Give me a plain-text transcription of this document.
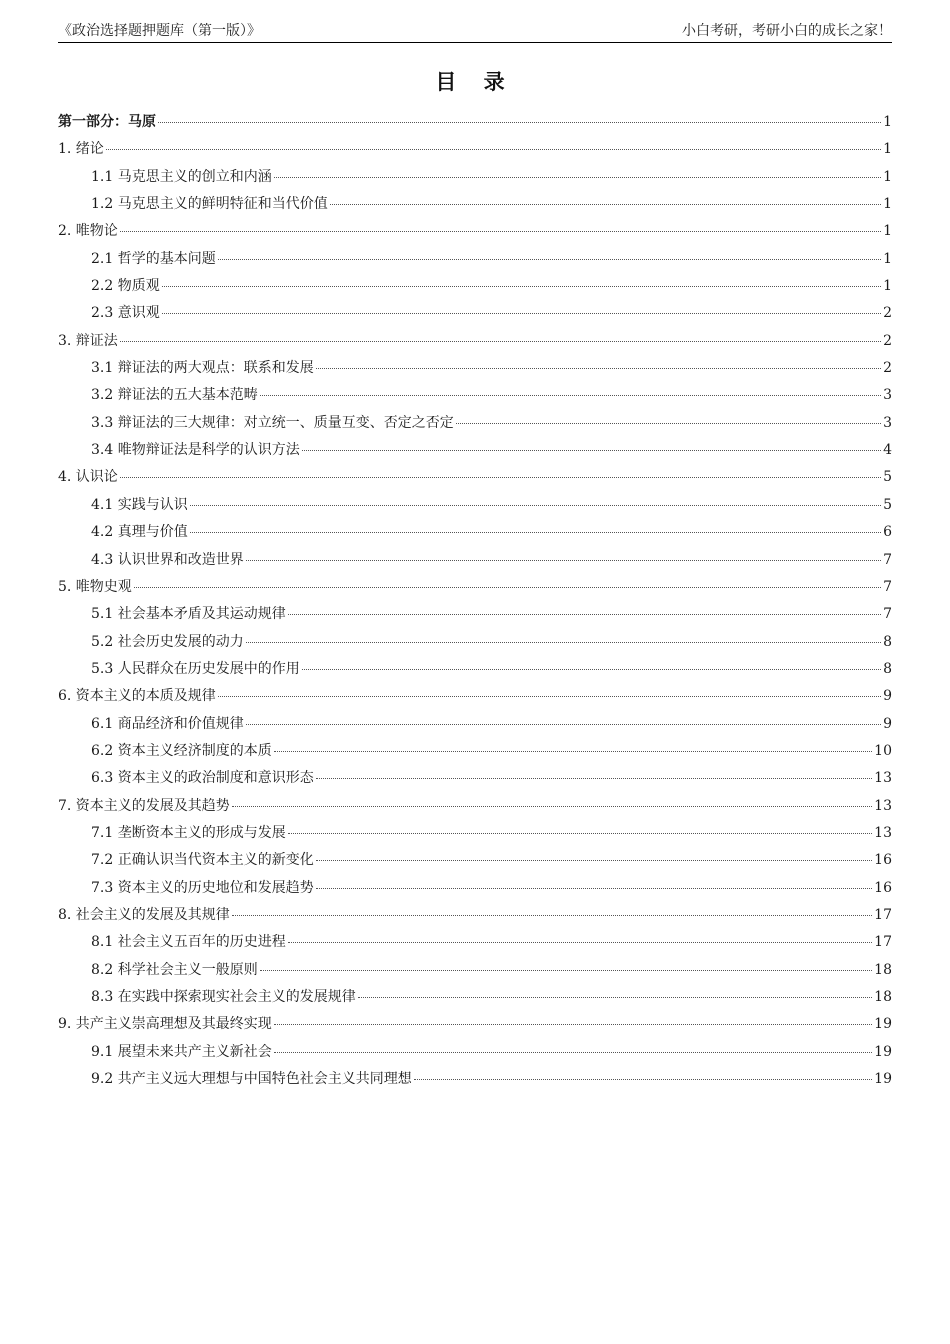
《政治选择题押题库（第一版）》	小白考研，考研小白的成长之家！
目 录
第一部分：马原	1
1. 绪论	1
1.1 马克思主义的创立和内涵	1
1.2 马克思主义的鲜明特征和当代价值	1
2. 唯物论	1
2.1 哲学的基本问题	1
2.2 物质观	1
2.3 意识观	2
3. 辩证法	2
3.1 辩证法的两大观点：联系和发展	2
3.2 辩证法的五大基本范畴	3
3.3 辩证法的三大规律：对立统一、质量互变、否定之否定	3
3.4 唯物辩证法是科学的认识方法	4
4. 认识论	5
4.1 实践与认识	5
4.2 真理与价值	6
4.3 认识世界和改造世界	7
5. 唯物史观	7
5.1 社会基本矛盾及其运动规律	7
5.2 社会历史发展的动力	8
5.3 人民群众在历史发展中的作用	8
6. 资本主义的本质及规律	9
6.1 商品经济和价值规律	9
6.2 资本主义经济制度的本质	10
6.3 资本主义的政治制度和意识形态	13
7. 资本主义的发展及其趋势	13
7.1 垄断资本主义的形成与发展	13
7.2 正确认识当代资本主义的新变化	16
7.3 资本主义的历史地位和发展趋势	16
8. 社会主义的发展及其规律	17
8.1 社会主义五百年的历史进程	17
8.2 科学社会主义一般原则	18
8.3 在实践中探索现实社会主义的发展规律	18
9. 共产主义崇高理想及其最终实现	19
9.1 展望未来共产主义新社会	19
9.2 共产主义远大理想与中国特色社会主义共同理想	19
